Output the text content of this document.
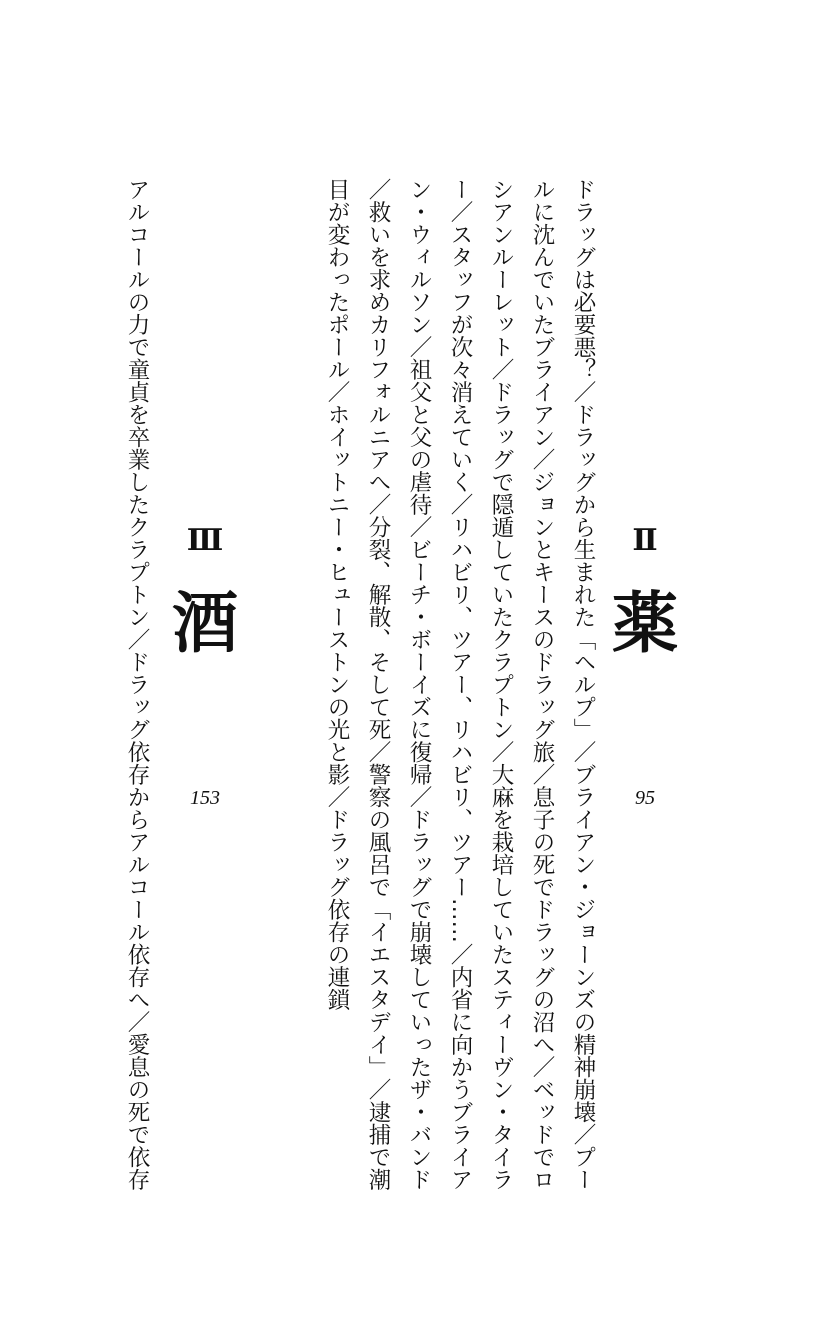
Ⅱ
薬
95
ドラッグは必要悪？／ドラッグから生まれた「ヘルプ」／ブライアン・ジョーンズの精神崩壊／プー
ルに沈んでいたブライアン／ジョンとキースのドラッグ旅／息子の死でドラッグの沼へ／ベッドでロ
シアンルーレット／ドラッグで隠遁していたクラプトン／大麻を栽培していたスティーヴン・タイラ
ー／スタッフが次々消えていく／リハビリ、ツアー、リハビリ、ツアー……／内省に向かうブライア
ン・ウィルソン／祖父と父の虐待／ビーチ・ボーイズに復帰／ドラッグで崩壊していったザ・バンド
／救いを求めカリフォルニアへ／分裂、解散、そして死／警察の風呂で「イエスタデイ」／逮捕で潮
目が変わったポール／ホイットニー・ヒューストンの光と影／ドラッグ依存の連鎖
Ⅲ
酒
153
アルコールの力で童貞を卒業したクラプトン／ドラッグ依存からアルコール依存へ／愛息の死で依存
